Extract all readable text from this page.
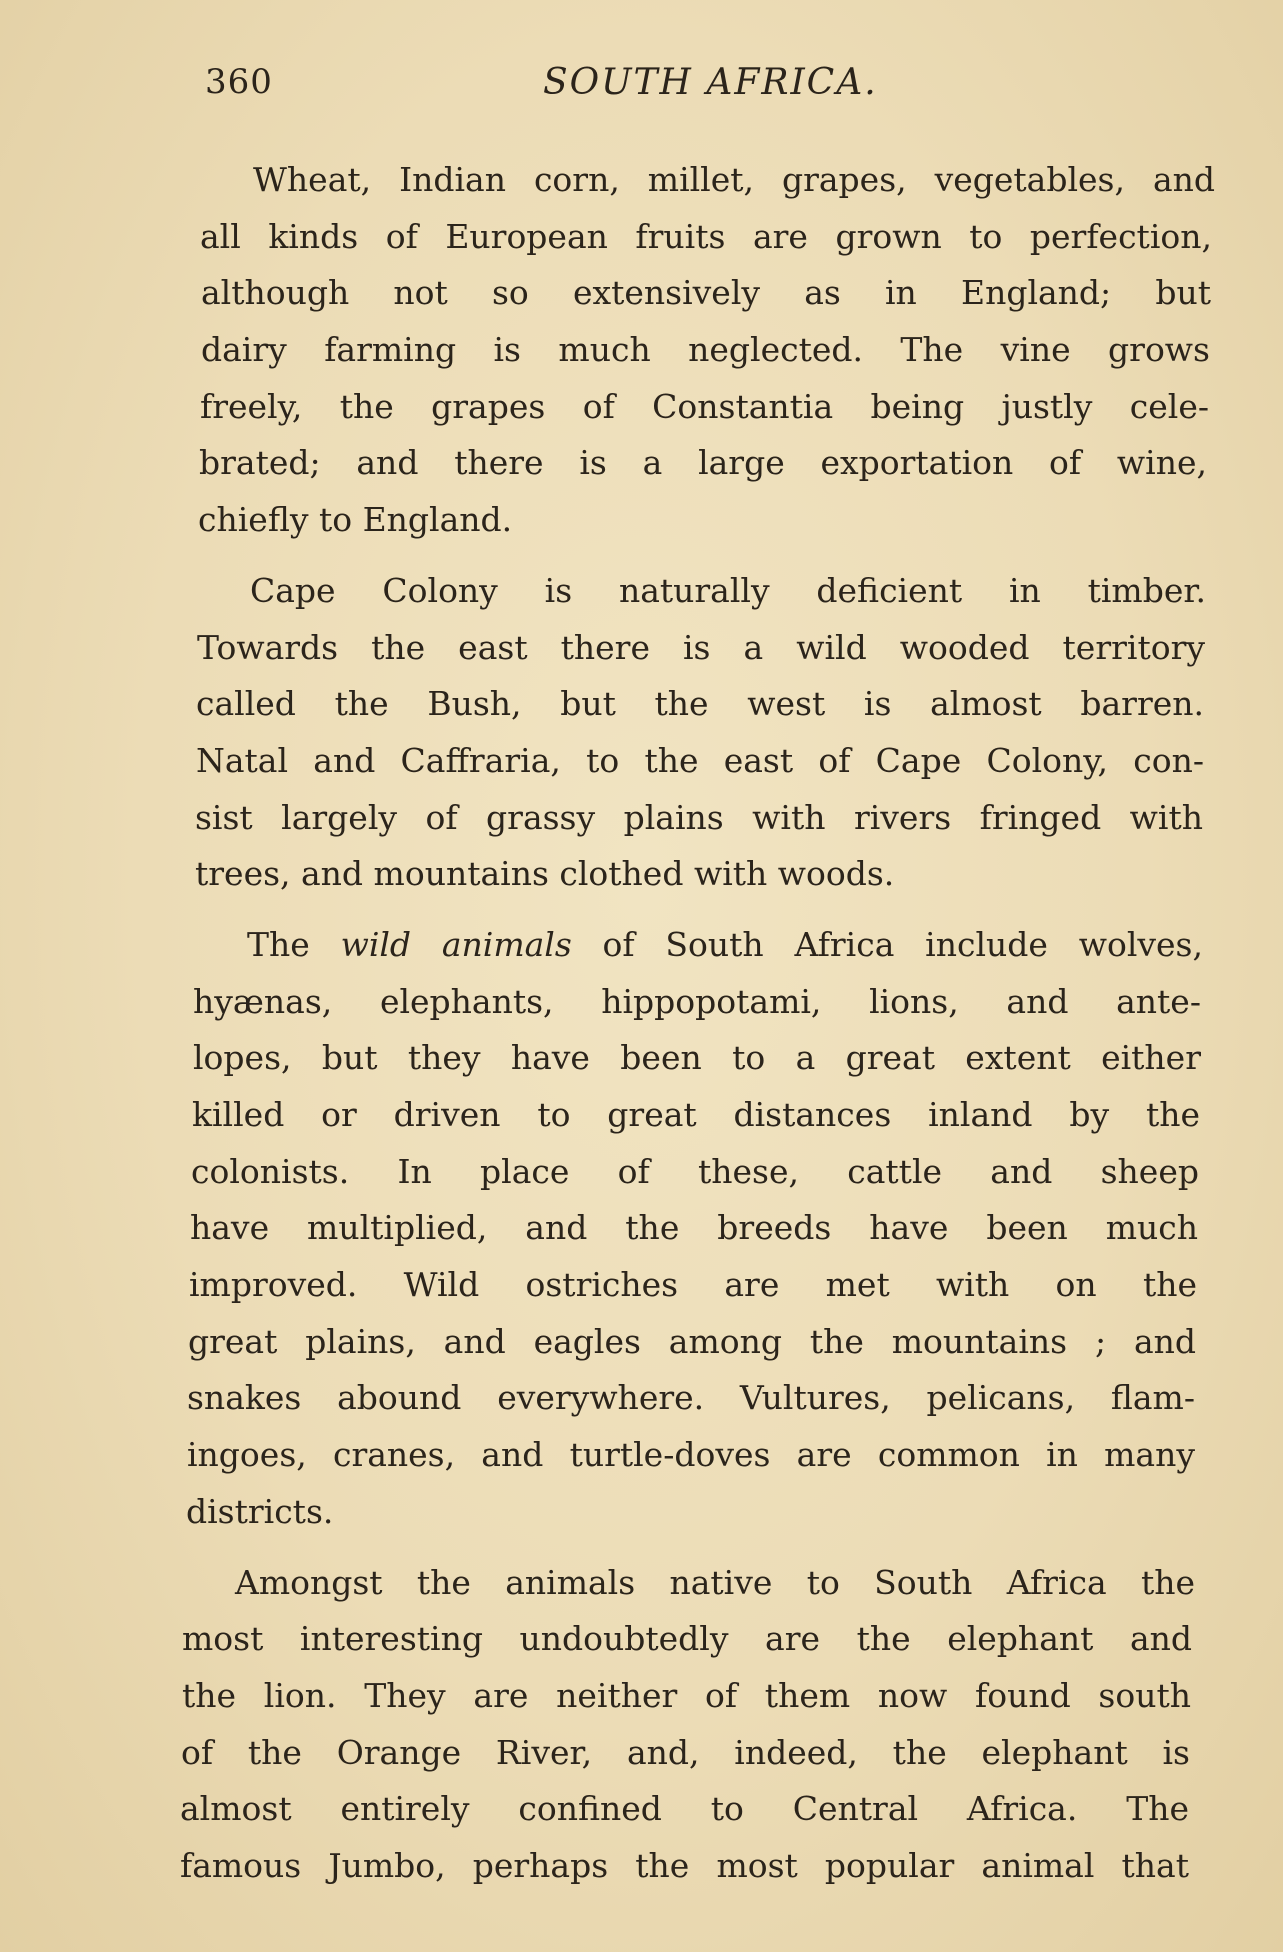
360	SOUTH AFRICA.
Wheat, Indian corn, millet, grapes, vegetables, and
all kinds of European fruits are grown to perfection,
although not so extensively as in England; but
dairy farming is much neglected. The vine grows
freely, the grapes of Constantia being justly cele-
brated; and there is a large exportation of wine,
chiefly to England.
Cape Colony is naturally deficient in timber.
Towards the east there is a wild wooded territory
called the Bush, but the west is almost barren.
Natal and Caffraria, to the east of Cape Colony, con-
sist largely of grassy plains with rivers fringed with
trees, and mountains clothed with woods.
The wild animals of South Africa include wolves,
hyænas, elephants, hippopotami, lions, and ante-
lopes, but they have been to a great extent either
killed or driven to great distances inland by the
colonists. In place of these, cattle and sheep
have multiplied, and the breeds have been much
improved. Wild ostriches are met with on the
great plains, and eagles among the mountains ; and
snakes abound everywhere. Vultures, pelicans, flam-
ingoes, cranes, and turtle-doves are common in many
districts.
Amongst the animals native to South Africa the
most interesting undoubtedly are the elephant and
the lion. They are neither of them now found south
of the Orange River, and, indeed, the elephant is
almost entirely confined to Central Africa. The
famous Jumbo, perhaps the most popular animal that
